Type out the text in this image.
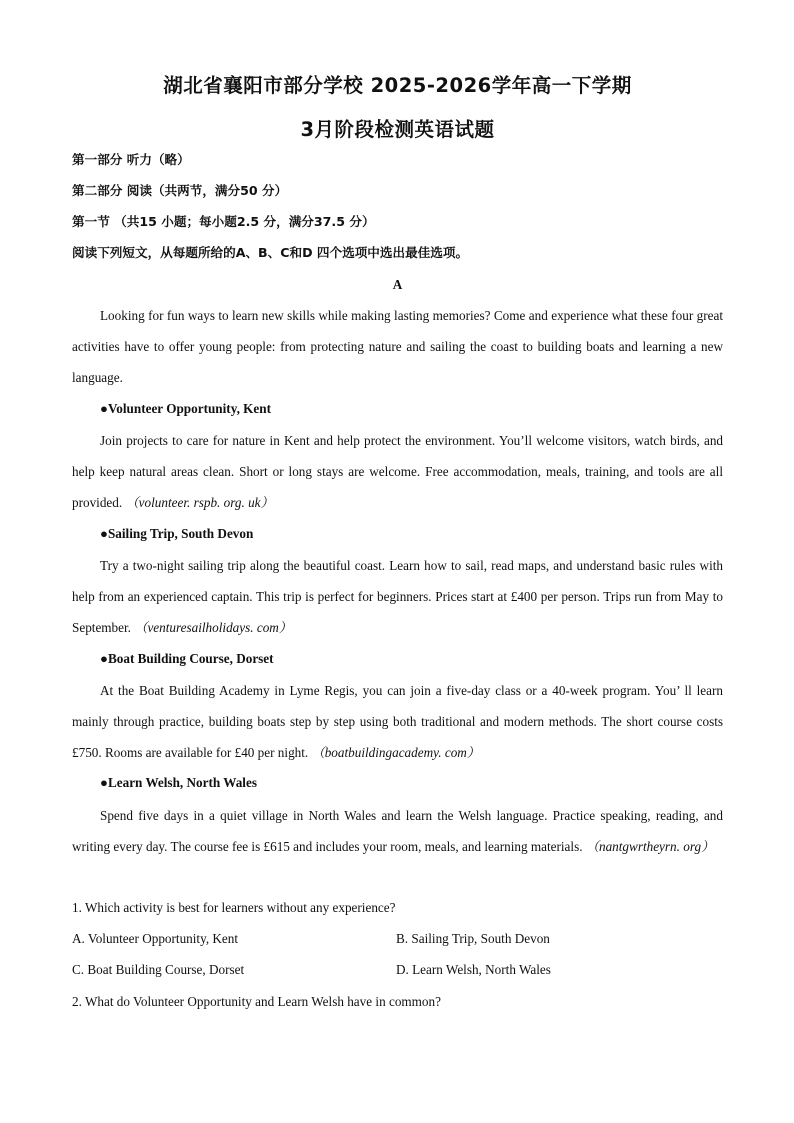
湖北省襄阳市部分学校 2025-2026学年高一下学期
3月阶段检测英语试题
第一部分 听力（略）
第二部分 阅读（共两节，满分50 分）
第一节 （共15 小题；每小题2.5 分，满分37.5 分）
阅读下列短文，从每题所给的A、B、C和D 四个选项中选出最佳选项。
A

Looking for fun ways to learn new skills while making lasting memories? Come and experience what these four great activities have to offer young people: from protecting nature and sailing the coast to building boats and learning a new language.

●Volunteer Opportunity, Kent

Join projects to care for nature in Kent and help protect the environment. You’ll welcome visitors, watch birds, and help keep natural areas clean. Short or long stays are welcome. Free accommodation, meals, training, and tools are all provided. （volunteer. rspb. org. uk）

●Sailing Trip, South Devon

Try a two-night sailing trip along the beautiful coast. Learn how to sail, read maps, and understand basic rules with help from an experienced captain. This trip is perfect for beginners. Prices start at £400 per person. Trips run from May to September. （venturesailholidays. com）

●Boat Building Course, Dorset

At the Boat Building Academy in Lyme Regis, you can join a five-day class or a 40-week program. You’ ll learn mainly through practice, building boats step by step using both traditional and modern methods. The short course costs £750. Rooms are available for £40 per night. （boatbuildingacademy. com）

●Learn Welsh, North Wales

Spend five days in a quiet village in North Wales and learn the Welsh language. Practice speaking, reading, and writing every day. The course fee is £615 and includes your room, meals, and learning materials. （nantgwrtheyrn. org）

1. Which activity is best for learners without any experience?
A. Volunteer Opportunity, Kent	B. Sailing Trip, South Devon
C. Boat Building Course, Dorset	D. Learn Welsh, North Wales
2. What do Volunteer Opportunity and Learn Welsh have in common?
